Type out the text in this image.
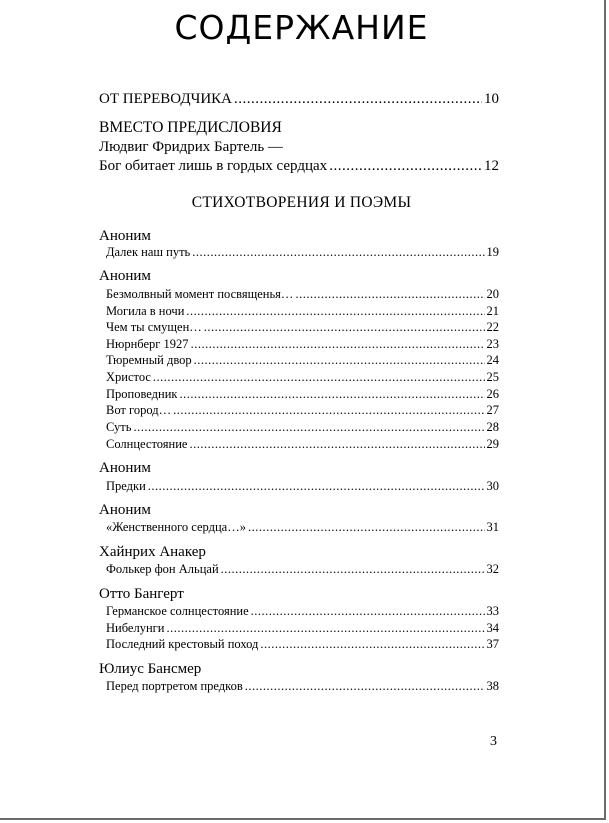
СОДЕРЖАНИЕ
ОТ ПЕРЕВОДЧИКА .....	10
ВМЕСТО ПРЕДИСЛОВИЯ
Людвиг Фридрих Бартель —
Бог обитает лишь в гордых сердцах .....	12
СТИХОТВОРЕНИЯ И ПОЭМЫ
Аноним
Далек наш путь .....	19
Аноним
Безмолвный момент посвященья… .....	20
Могила в ночи .....	21
Чем ты смущен… .....	22
Нюрнберг 1927 .....	23
Тюремный двор .....	24
Христос .....	25
Проповедник .....	26
Вот город… .....	27
Суть .....	28
Солнцестояние .....	29
Аноним
Предки .....	30
Аноним
«Женственного сердца…» .....	31
Хайнрих Анакер
Фолькер фон Альцай .....	32
Отто Бангерт
Германское солнцестояние .....	33
Нибелунги .....	34
Последний крестовый поход .....	37
Юлиус Бансмер
Перед портретом предков .....	38
3
